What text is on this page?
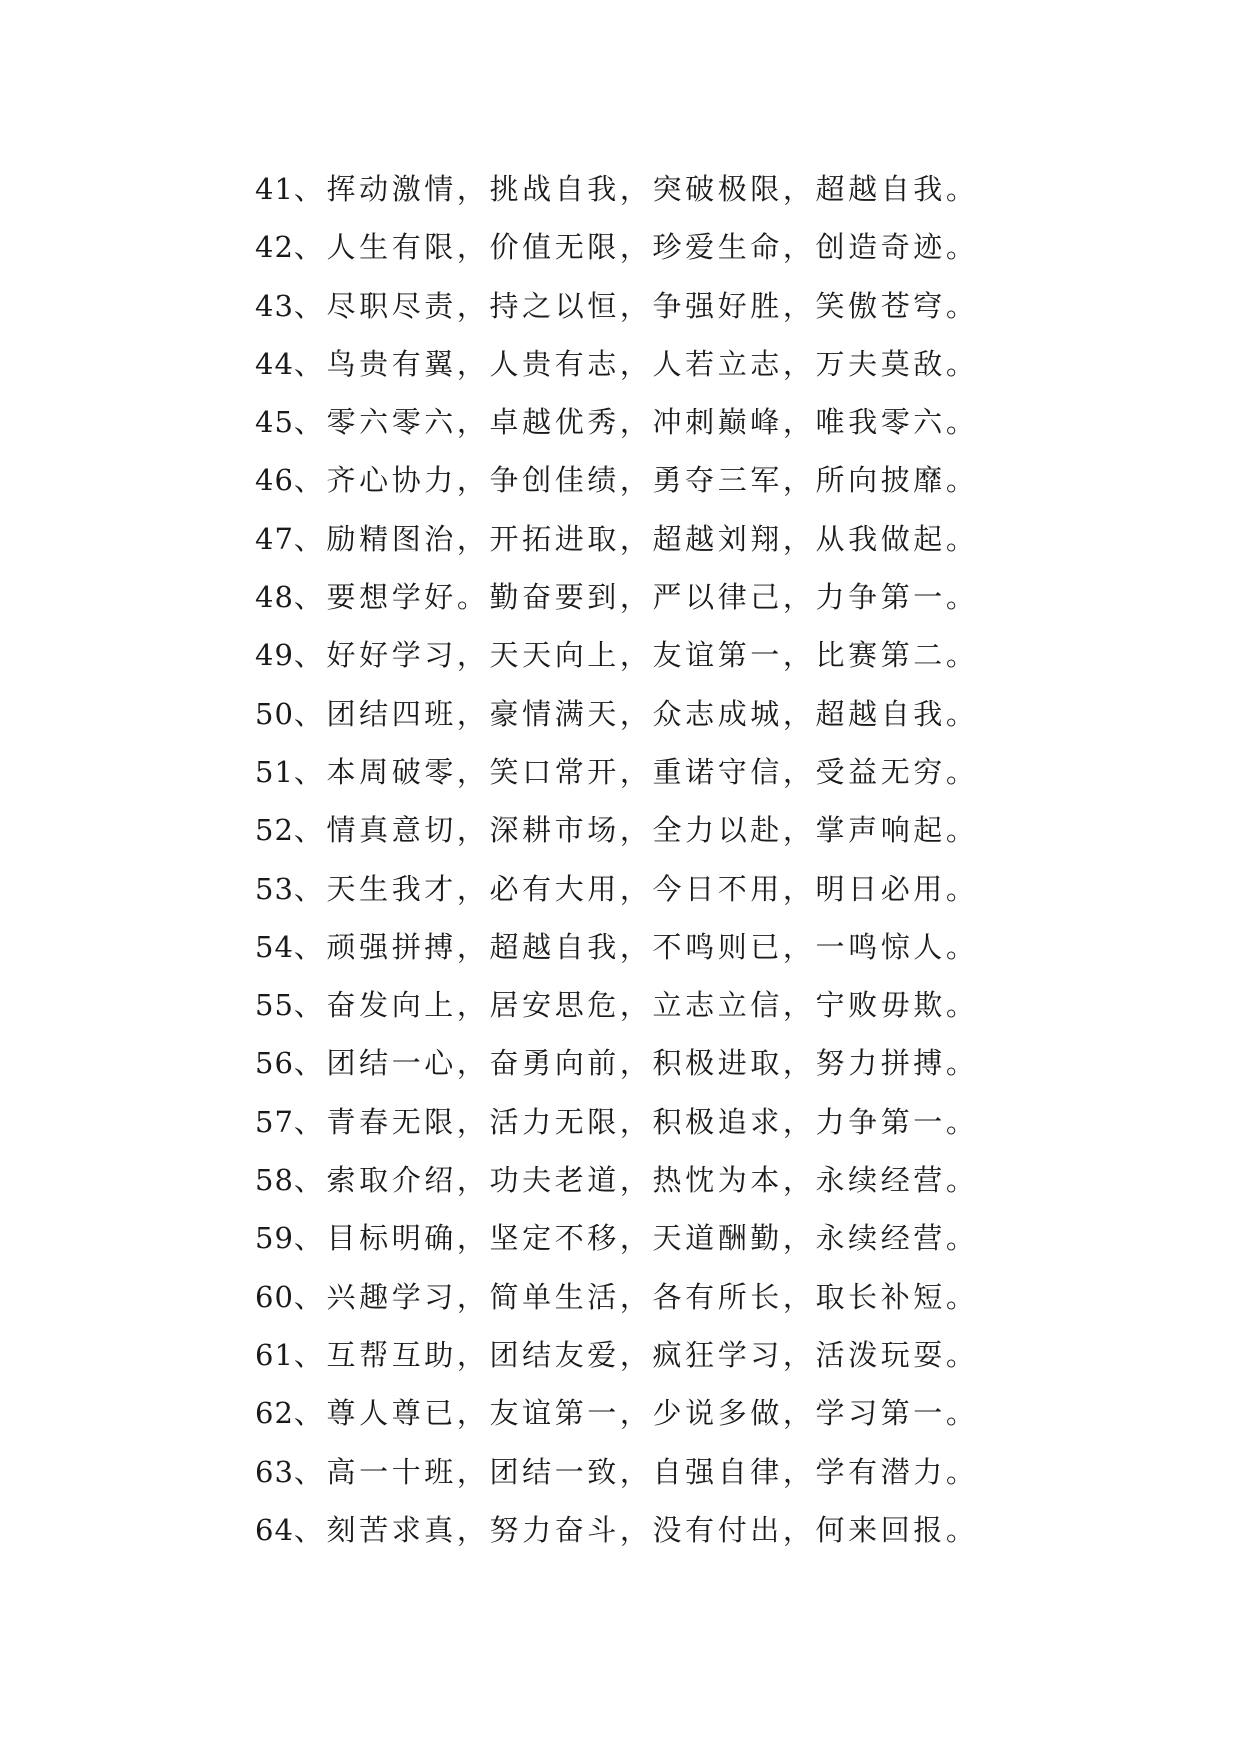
41、挥动激情，挑战自我，突破极限，超越自我。
42、人生有限，价值无限，珍爱生命，创造奇迹。
43、尽职尽责，持之以恒，争强好胜，笑傲苍穹。
44、鸟贵有翼，人贵有志，人若立志，万夫莫敌。
45、零六零六，卓越优秀，冲刺巅峰，唯我零六。
46、齐心协力，争创佳绩，勇夺三军，所向披靡。
47、励精图治，开拓进取，超越刘翔，从我做起。
48、要想学好。勤奋要到，严以律己，力争第一。
49、好好学习，天天向上，友谊第一，比赛第二。
50、团结四班，豪情满天，众志成城，超越自我。
51、本周破零，笑口常开，重诺守信，受益无穷。
52、情真意切，深耕市场，全力以赴，掌声响起。
53、天生我才，必有大用，今日不用，明日必用。
54、顽强拼搏，超越自我，不鸣则已，一鸣惊人。
55、奋发向上，居安思危，立志立信，宁败毋欺。
56、团结一心，奋勇向前，积极进取，努力拼搏。
57、青春无限，活力无限，积极追求，力争第一。
58、索取介绍，功夫老道，热忱为本，永续经营。
59、目标明确，坚定不移，天道酬勤，永续经营。
60、兴趣学习，简单生活，各有所长，取长补短。
61、互帮互助，团结友爱，疯狂学习，活泼玩耍。
62、尊人尊已，友谊第一，少说多做，学习第一。
63、高一十班，团结一致，自强自律，学有潜力。
64、刻苦求真，努力奋斗，没有付出，何来回报。
